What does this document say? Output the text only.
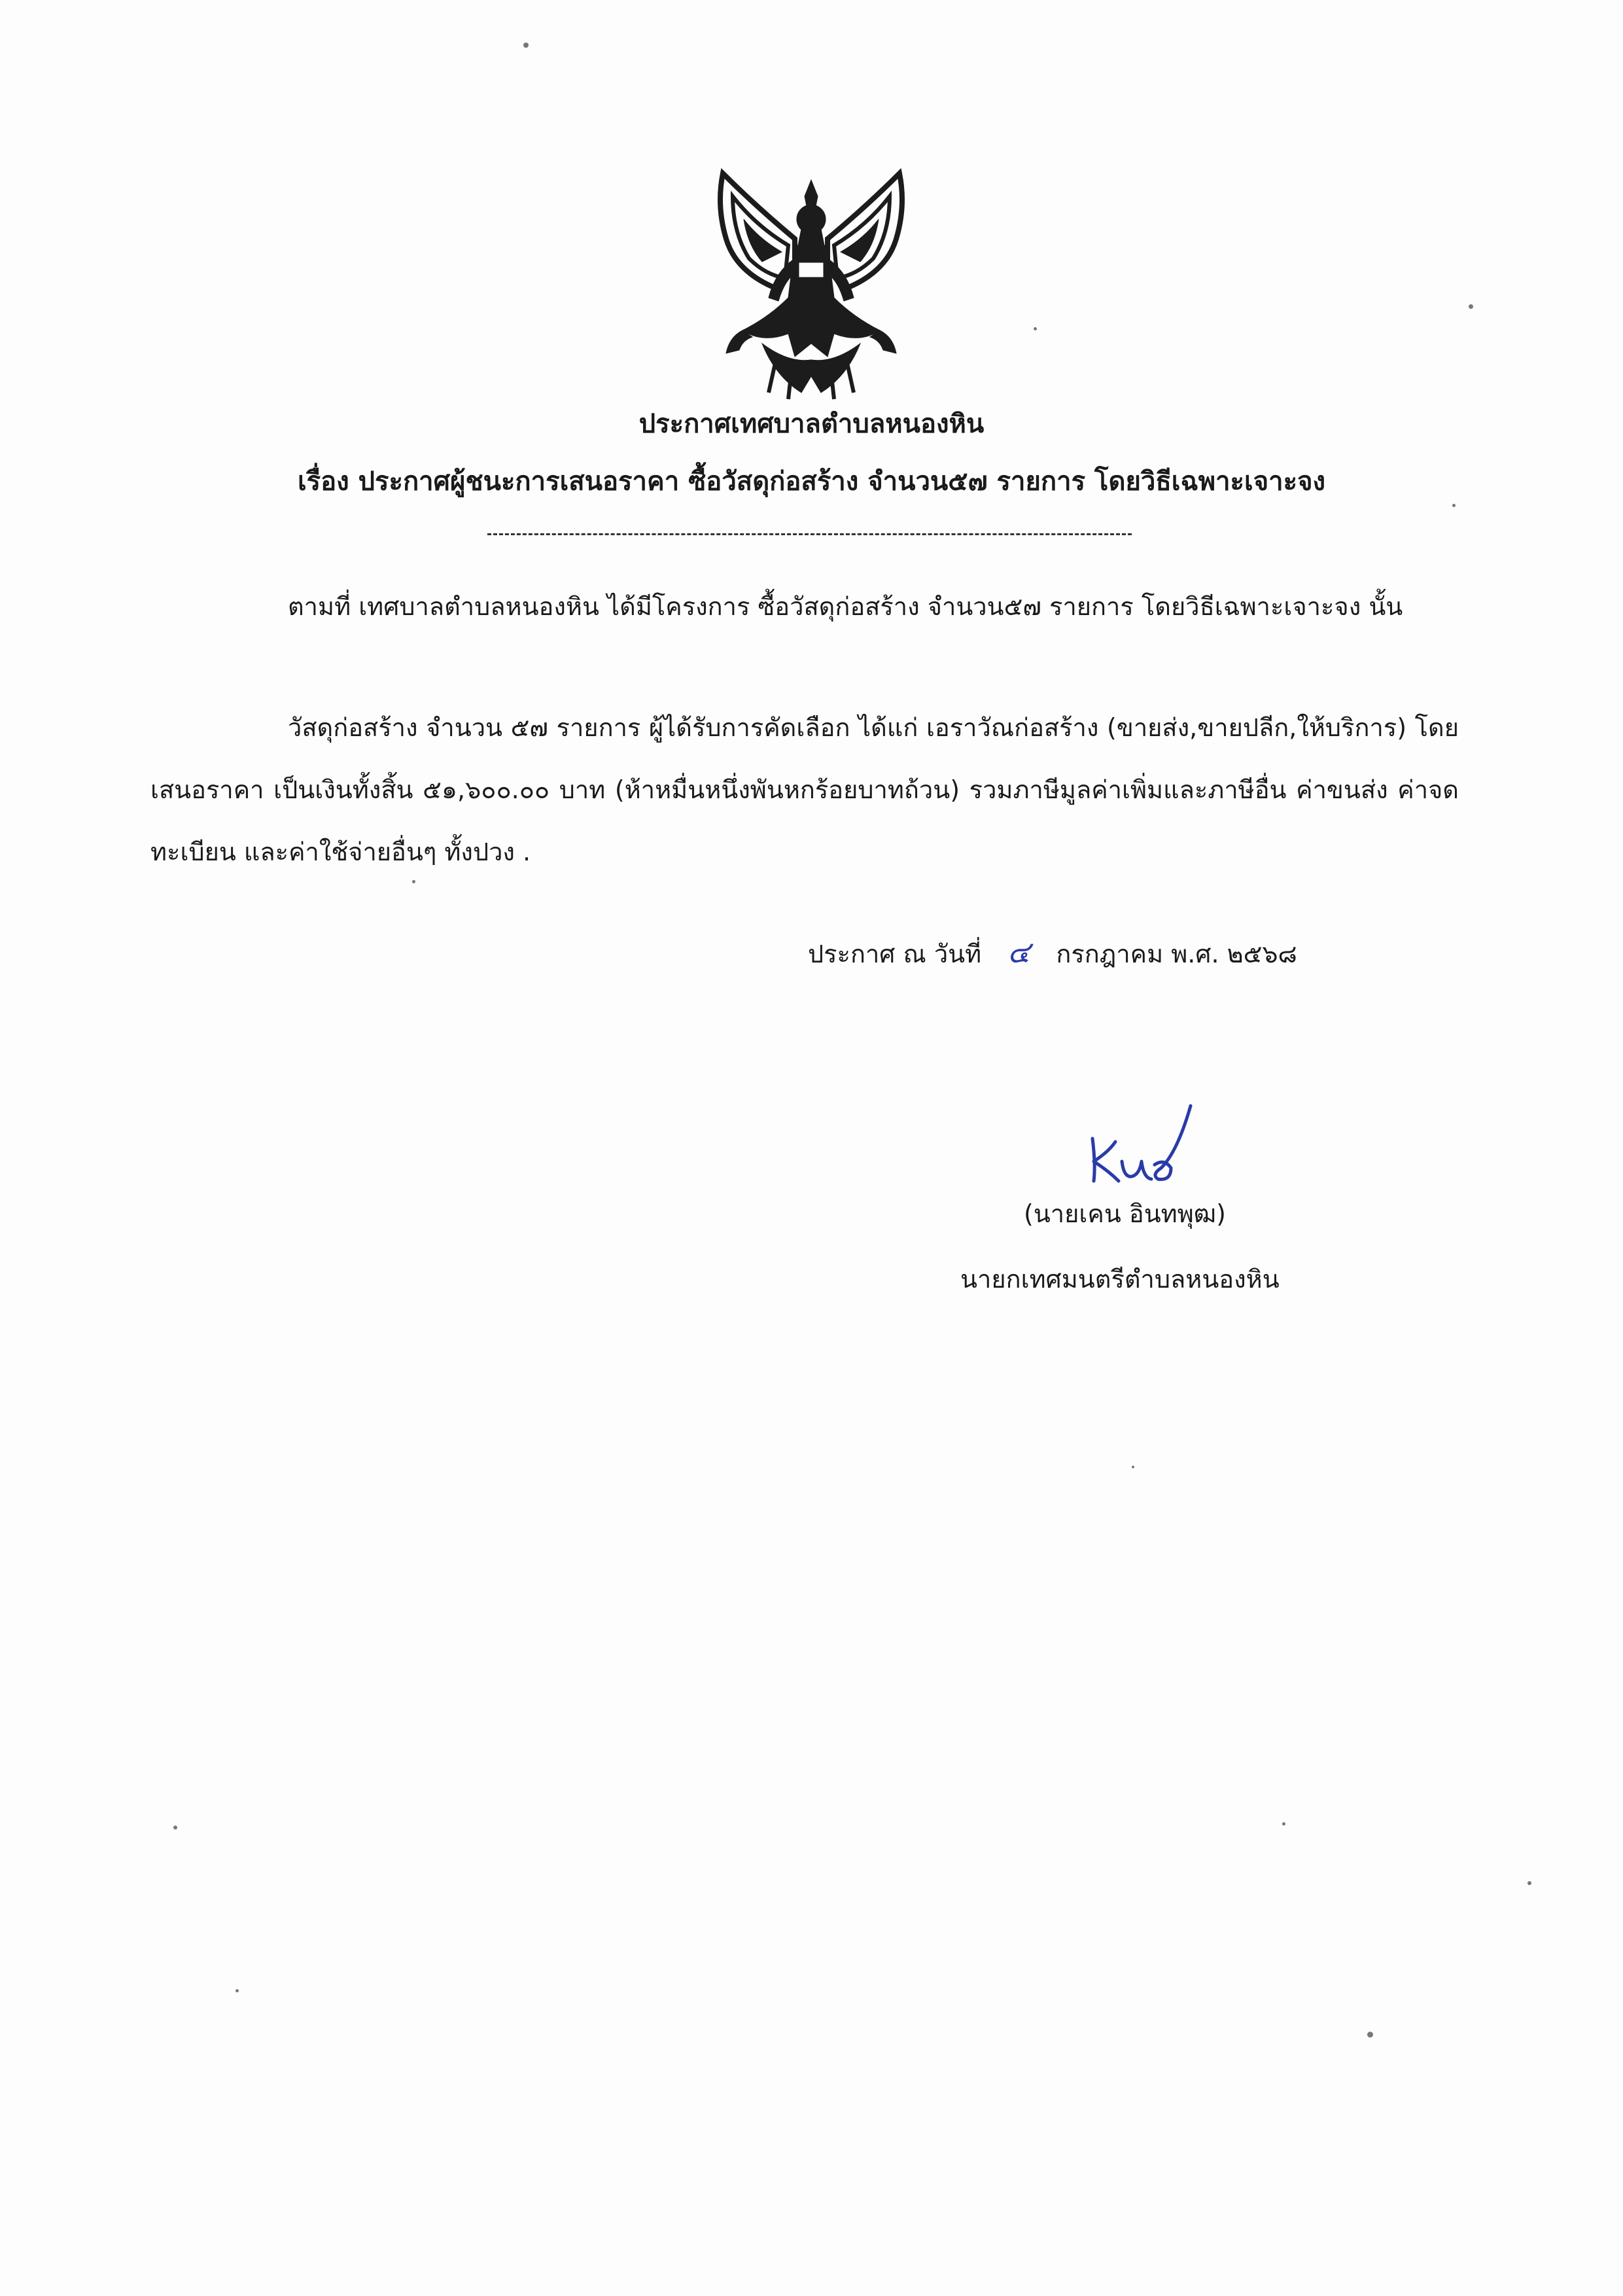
ประกาศเทศบาลตำบลหนองหิน
เรื่อง ประกาศผู้ชนะการเสนอราคา ซื้อวัสดุก่อสร้าง จำนวน๕๗ รายการ โดยวิธีเฉพาะเจาะจง
ตามที่ เทศบาลตำบลหนองหิน ได้มีโครงการ ซื้อวัสดุก่อสร้าง จำนวน๕๗ รายการ โดยวิธีเฉพาะเจาะจง นั้น
วัสดุก่อสร้าง จำนวน ๕๗ รายการ ผู้ได้รับการคัดเลือก ได้แก่ เอราวัณก่อสร้าง (ขายส่ง,ขายปลีก,ให้บริการ) โดยเสนอราคา เป็นเงินทั้งสิ้น ๕๑,๖๐๐.๐๐ บาท (ห้าหมื่นหนึ่งพันหกร้อยบาทถ้วน) รวมภาษีมูลค่าเพิ่มและภาษีอื่น ค่าขนส่ง ค่าจดทะเบียน และค่าใช้จ่ายอื่นๆ ทั้งปวง .
ประกาศ ณ วันที่ ๔ กรกฎาคม พ.ศ. ๒๕๖๘
(นายเคน อินทพุฒ)
นายกเทศมนตรีตำบลหนองหิน
